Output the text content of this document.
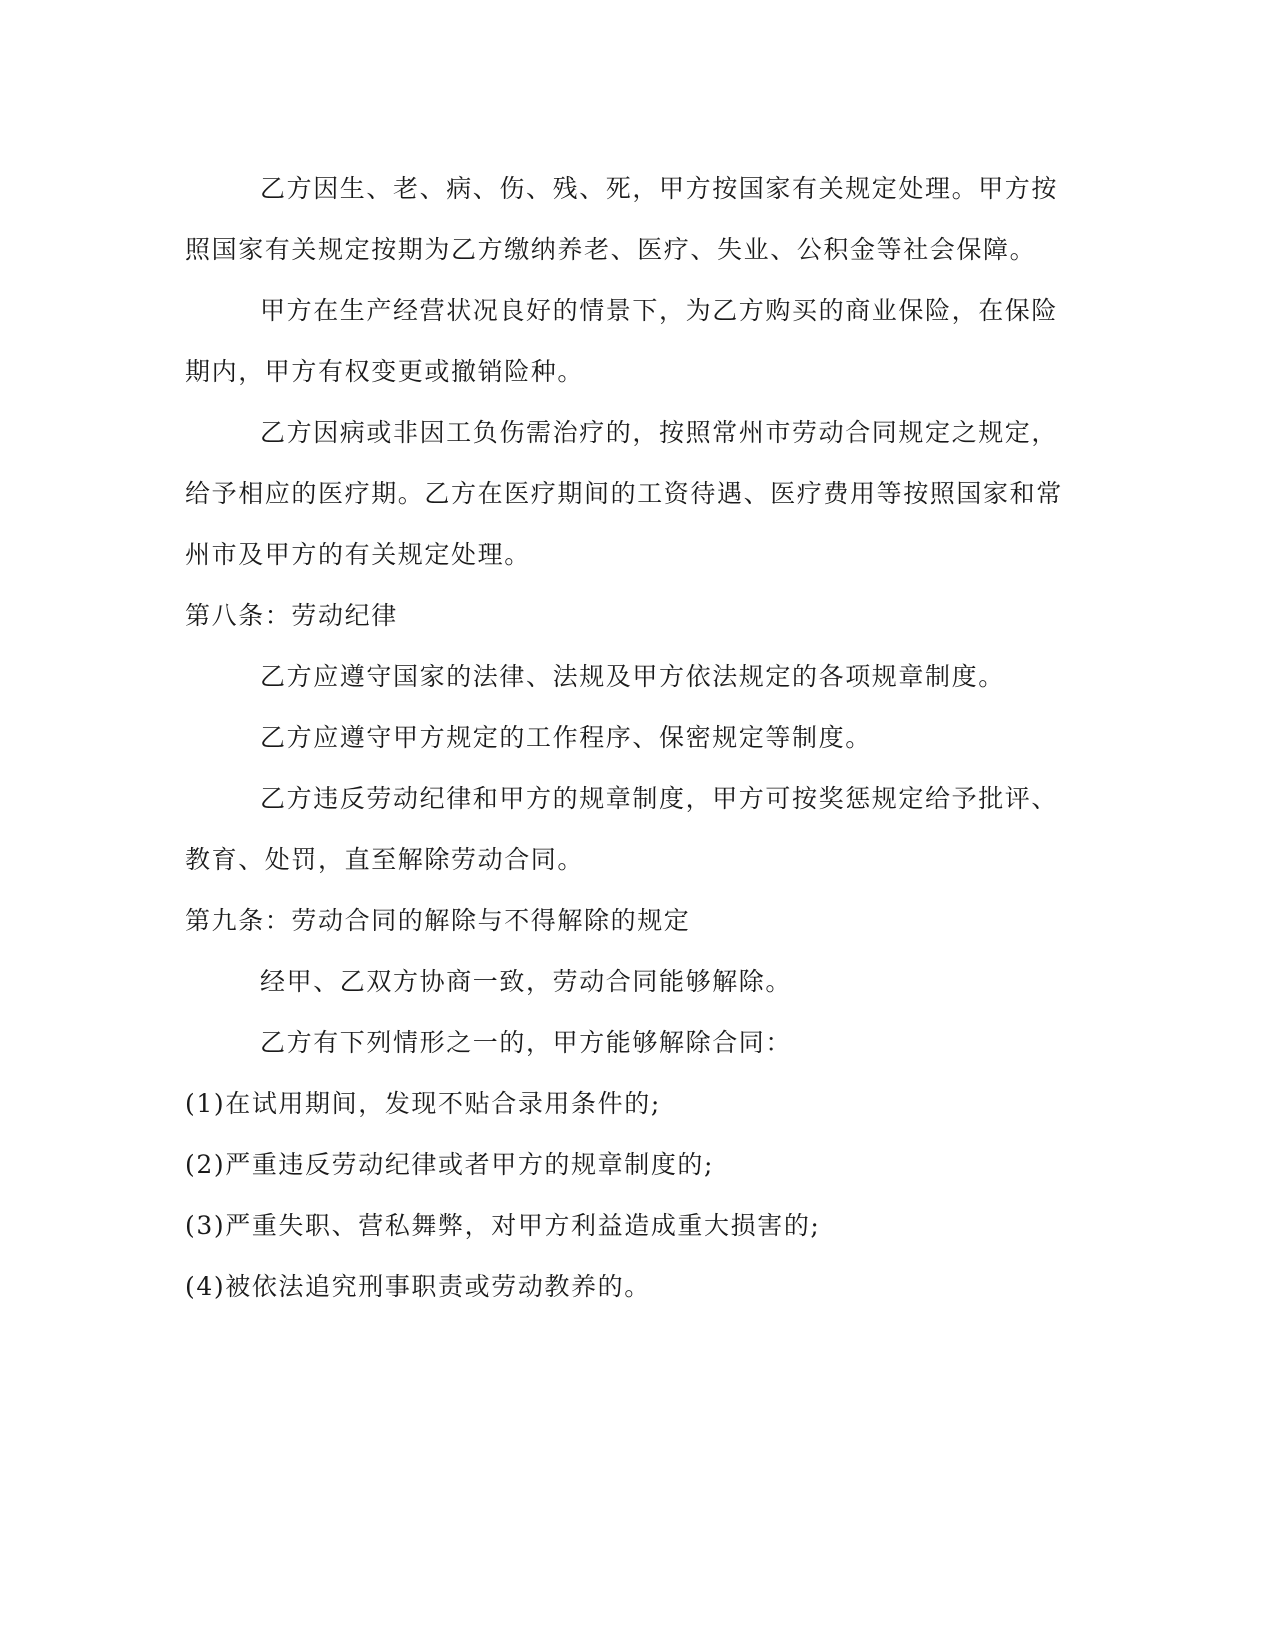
乙方因生、老、病、伤、残、死，甲方按国家有关规定处理。甲方按照国家有关规定按期为乙方缴纳养老、医疗、失业、公积金等社会保障。

甲方在生产经营状况良好的情景下，为乙方购买的商业保险，在保险期内，甲方有权变更或撤销险种。

乙方因病或非因工负伤需治疗的，按照常州市劳动合同规定之规定，给予相应的医疗期。乙方在医疗期间的工资待遇、医疗费用等按照国家和常州市及甲方的有关规定处理。

第八条：劳动纪律

乙方应遵守国家的法律、法规及甲方依法规定的各项规章制度。

乙方应遵守甲方规定的工作程序、保密规定等制度。

乙方违反劳动纪律和甲方的规章制度，甲方可按奖惩规定给予批评、教育、处罚，直至解除劳动合同。

第九条：劳动合同的解除与不得解除的规定

经甲、乙双方协商一致，劳动合同能够解除。

乙方有下列情形之一的，甲方能够解除合同：

(1)在试用期间，发现不贴合录用条件的;

(2)严重违反劳动纪律或者甲方的规章制度的;

(3)严重失职、营私舞弊，对甲方利益造成重大损害的;

(4)被依法追究刑事职责或劳动教养的。
